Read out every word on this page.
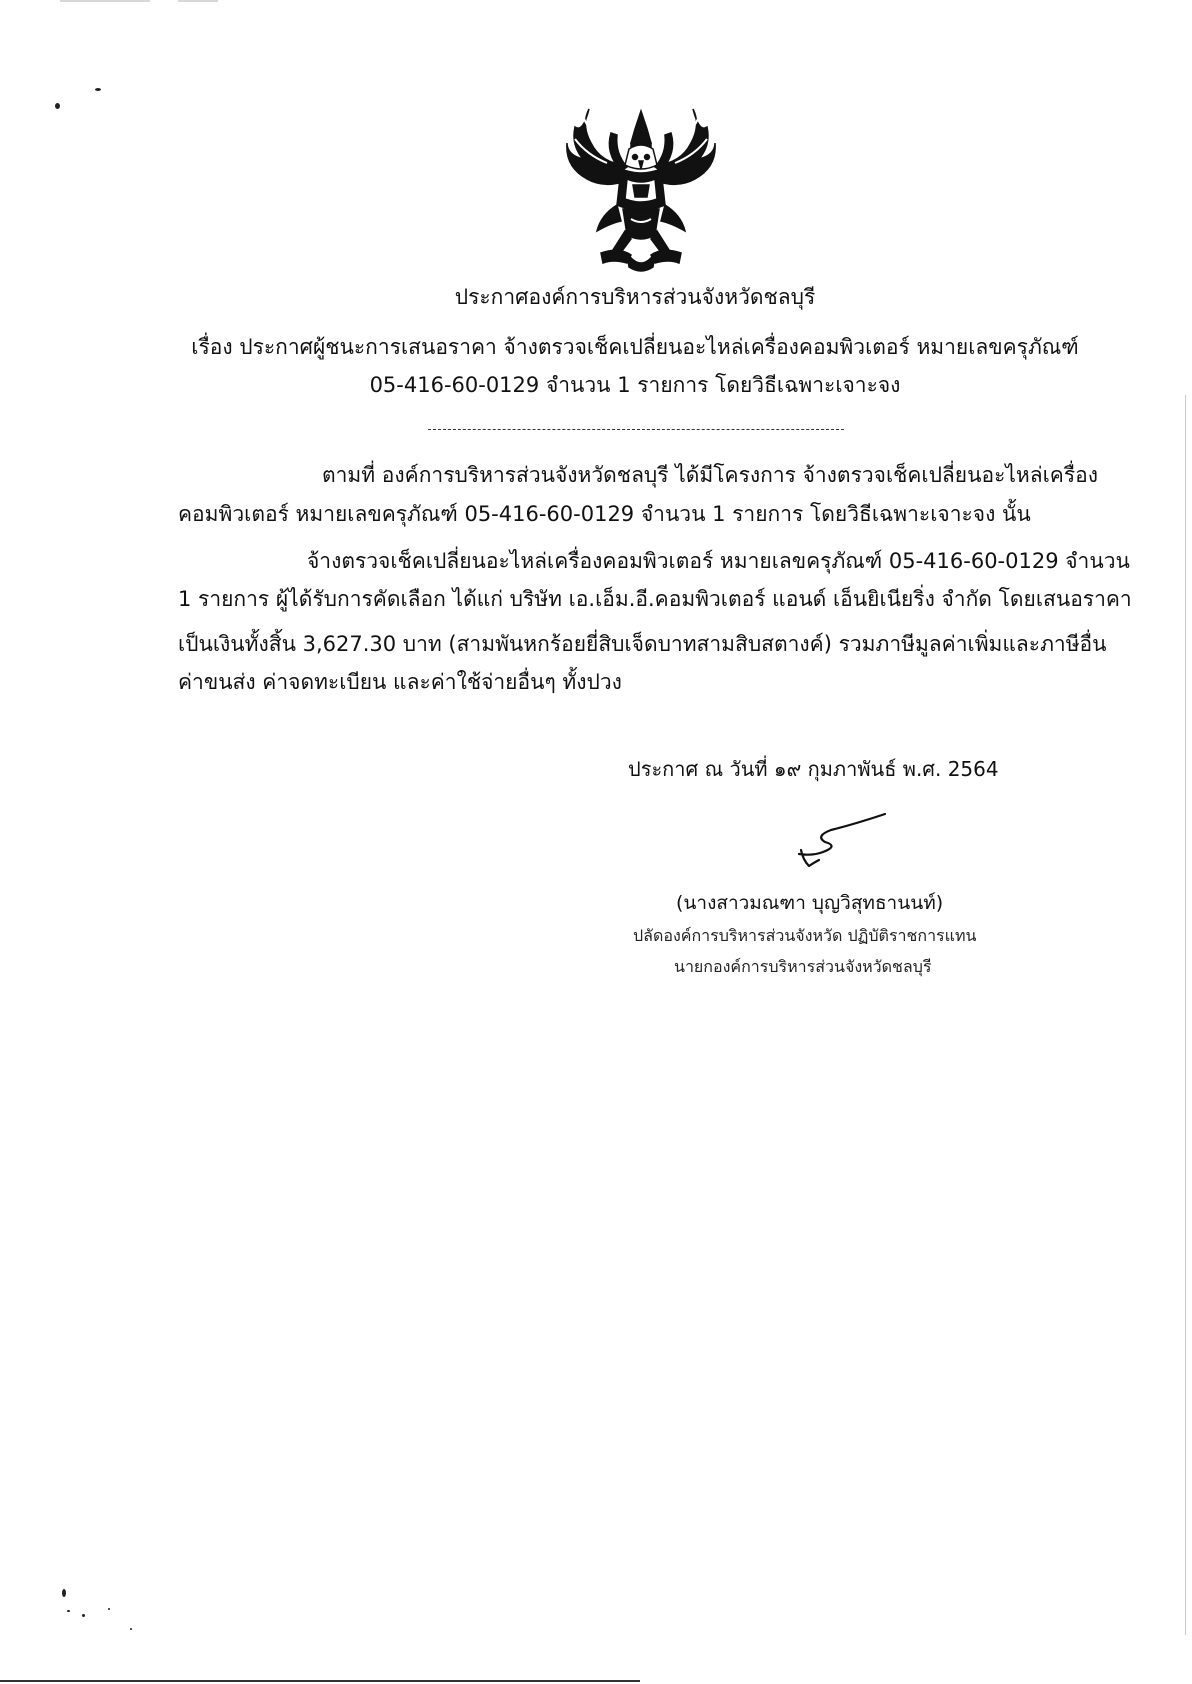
ประกาศองค์การบริหารส่วนจังหวัดชลบุรี
เรื่อง ประกาศผู้ชนะการเสนอราคา จ้างตรวจเช็คเปลี่ยนอะไหล่เครื่องคอมพิวเตอร์ หมายเลขครุภัณฑ์
05-416-60-0129 จำนวน 1 รายการ โดยวิธีเฉพาะเจาะจง
ตามที่ องค์การบริหารส่วนจังหวัดชลบุรี ได้มีโครงการ จ้างตรวจเช็คเปลี่ยนอะไหล่เครื่อง
คอมพิวเตอร์ หมายเลขครุภัณฑ์ 05-416-60-0129 จำนวน 1 รายการ โดยวิธีเฉพาะเจาะจง นั้น
จ้างตรวจเช็คเปลี่ยนอะไหล่เครื่องคอมพิวเตอร์ หมายเลขครุภัณฑ์ 05-416-60-0129 จำนวน
1 รายการ ผู้ได้รับการคัดเลือก ได้แก่ บริษัท เอ.เอ็ม.อี.คอมพิวเตอร์ แอนด์ เอ็นยิเนียริ่ง จำกัด โดยเสนอราคา
เป็นเงินทั้งสิ้น 3,627.30 บาท (สามพันหกร้อยยี่สิบเจ็ดบาทสามสิบสตางค์) รวมภาษีมูลค่าเพิ่มและภาษีอื่น
ค่าขนส่ง ค่าจดทะเบียน และค่าใช้จ่ายอื่นๆ ทั้งปวง
ประกาศ ณ วันที่ ๑๙ กุมภาพันธ์ พ.ศ. 2564
(นางสาวมณฑา บุญวิสุทธานนท์)
ปลัดองค์การบริหารส่วนจังหวัด ปฏิบัติราชการแทน
นายกองค์การบริหารส่วนจังหวัดชลบุรี
